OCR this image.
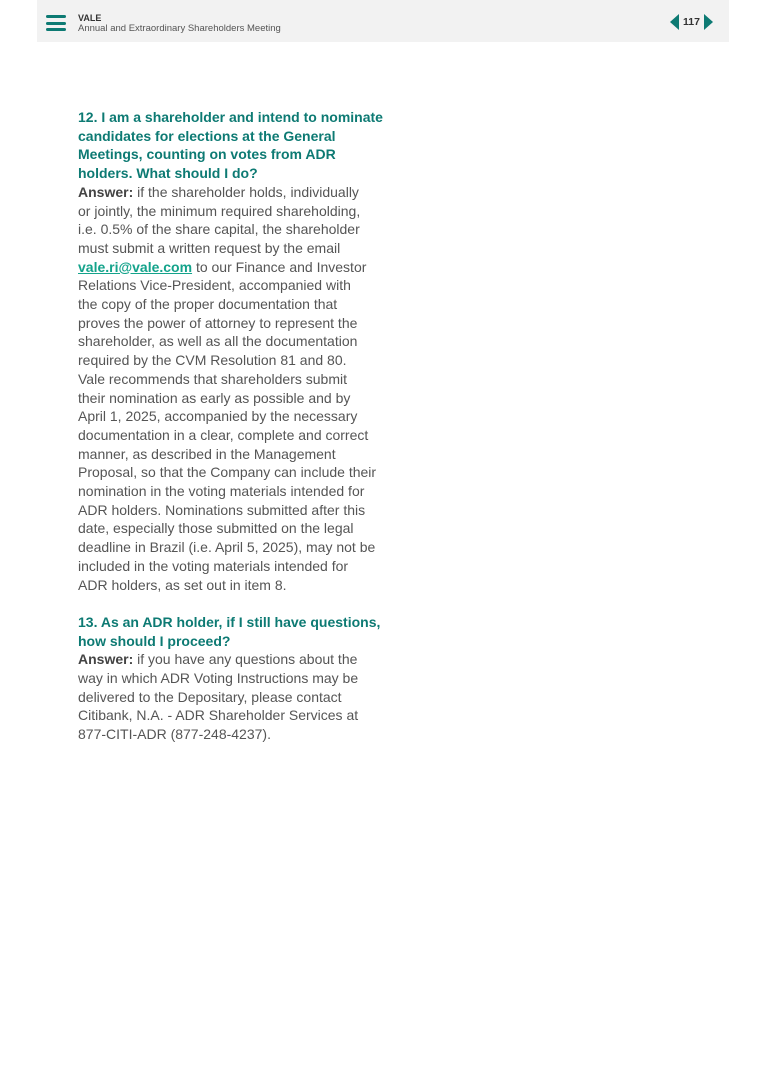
VALE
Annual and Extraordinary Shareholders Meeting
117
12. I am a shareholder and intend to nominate
candidates for elections at the General
Meetings, counting on votes from ADR
holders. What should I do?
Answer: if the shareholder holds, individually
or jointly, the minimum required shareholding,
i.e. 0.5% of the share capital, the shareholder
must submit a written request by the email
vale.ri@vale.com to our Finance and Investor
Relations Vice-President, accompanied with
the copy of the proper documentation that
proves the power of attorney to represent the
shareholder, as well as all the documentation
required by the CVM Resolution 81 and 80.
Vale recommends that shareholders submit
their nomination as early as possible and by
April 1, 2025, accompanied by the necessary
documentation in a clear, complete and correct
manner, as described in the Management
Proposal, so that the Company can include their
nomination in the voting materials intended for
ADR holders. Nominations submitted after this
date, especially those submitted on the legal
deadline in Brazil (i.e. April 5, 2025), may not be
included in the voting materials intended for
ADR holders, as set out in item 8.
13. As an ADR holder, if I still have questions,
how should I proceed?
Answer: if you have any questions about the
way in which ADR Voting Instructions may be
delivered to the Depositary, please contact
Citibank, N.A. - ADR Shareholder Services at
877-CITI-ADR (877-248-4237).
